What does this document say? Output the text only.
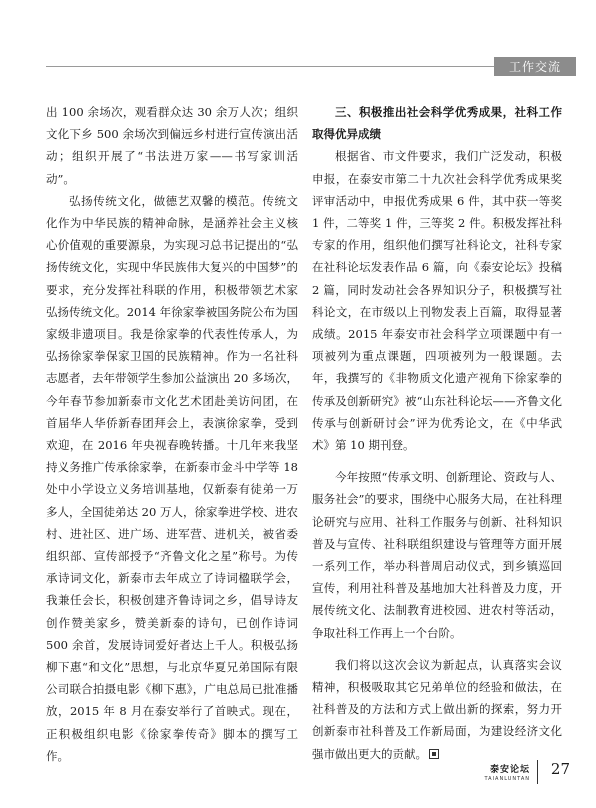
工作交流

出 100 余场次，观看群众达 30 余万人次；组织文化下乡 500 余场次到偏远乡村进行宣传演出活动；组织开展了“书法进万家——书写家训活动”。

弘扬传统文化，做德艺双馨的模范。传统文化作为中华民族的精神命脉，是涵养社会主义核心价值观的重要源泉，为实现习总书记提出的“弘扬传统文化，实现中华民族伟大复兴的中国梦”的要求，充分发挥社科联的作用，积极带领艺术家弘扬传统文化。2014 年徐家拳被国务院公布为国家级非遗项目。我是徐家拳的代表性传承人，为弘扬徐家拳保家卫国的民族精神。作为一名社科志愿者，去年带领学生参加公益演出 20 多场次，今年春节参加新泰市文化艺术团赴美访问团，在首届华人华侨新春团拜会上，表演徐家拳，受到欢迎，在 2016 年央视春晚转播。十几年来我坚持义务推广传承徐家拳，在新泰市金斗中学等 18 处中小学设立义务培训基地，仅新泰有徒弟一万多人，全国徒弟达 20 万人，徐家拳进学校、进农村、进社区、进广场、进军营、进机关，被省委组织部、宣传部授予“齐鲁文化之星”称号。为传承诗词文化，新泰市去年成立了诗词楹联学会，我兼任会长，积极创建齐鲁诗词之乡，倡导诗友创作赞美家乡，赞美新泰的诗句，已创作诗词 500 余首，发展诗词爱好者达上千人。积极弘扬柳下惠“和文化”思想，与北京华夏兄弟国际有限公司联合拍摄电影《柳下惠》，广电总局已批准播放，2015 年 8 月在泰安举行了首映式。现在，正积极组织电影《徐家拳传奇》脚本的撰写工作。

三、积极推出社会科学优秀成果，社科工作取得优异成绩

根据省、市文件要求，我们广泛发动，积极申报，在泰安市第二十九次社会科学优秀成果奖评审活动中，申报优秀成果 6 件，其中获一等奖 1 件，二等奖 1 件，三等奖 2 件。积极发挥社科专家的作用，组织他们撰写社科论文，社科专家在社科论坛发表作品 6 篇，向《泰安论坛》投稿 2 篇，同时发动社会各界知识分子，积极撰写社科论文，在市级以上刊物发表上百篇，取得显著成绩。2015 年泰安市社会科学立项课题中有一项被列为重点课题，四项被列为一般课题。去年，我撰写的《非物质文化遗产视角下徐家拳的传承及创新研究》被“山东社科论坛——齐鲁文化传承与创新研讨会”评为优秀论文，在《中华武术》第 10 期刊登。

今年按照“传承文明、创新理论、资政与人、服务社会”的要求，围绕中心服务大局，在社科理论研究与应用、社科工作服务与创新、社科知识普及与宣传、社科联组织建设与管理等方面开展一系列工作，举办科普周启动仪式，到乡镇巡回宣传，利用社科普及基地加大社科普及力度，开展传统文化、法制教育进校园、进农村等活动，争取社科工作再上一个台阶。

我们将以这次会议为新起点，认真落实会议精神，积极吸取其它兄弟单位的经验和做法，在社科普及的方法和方式上做出新的探索，努力开创新泰市社科普及工作新局面，为建设经济文化强市做出更大的贡献。

泰安论坛
TAIANLUNTAN
27
